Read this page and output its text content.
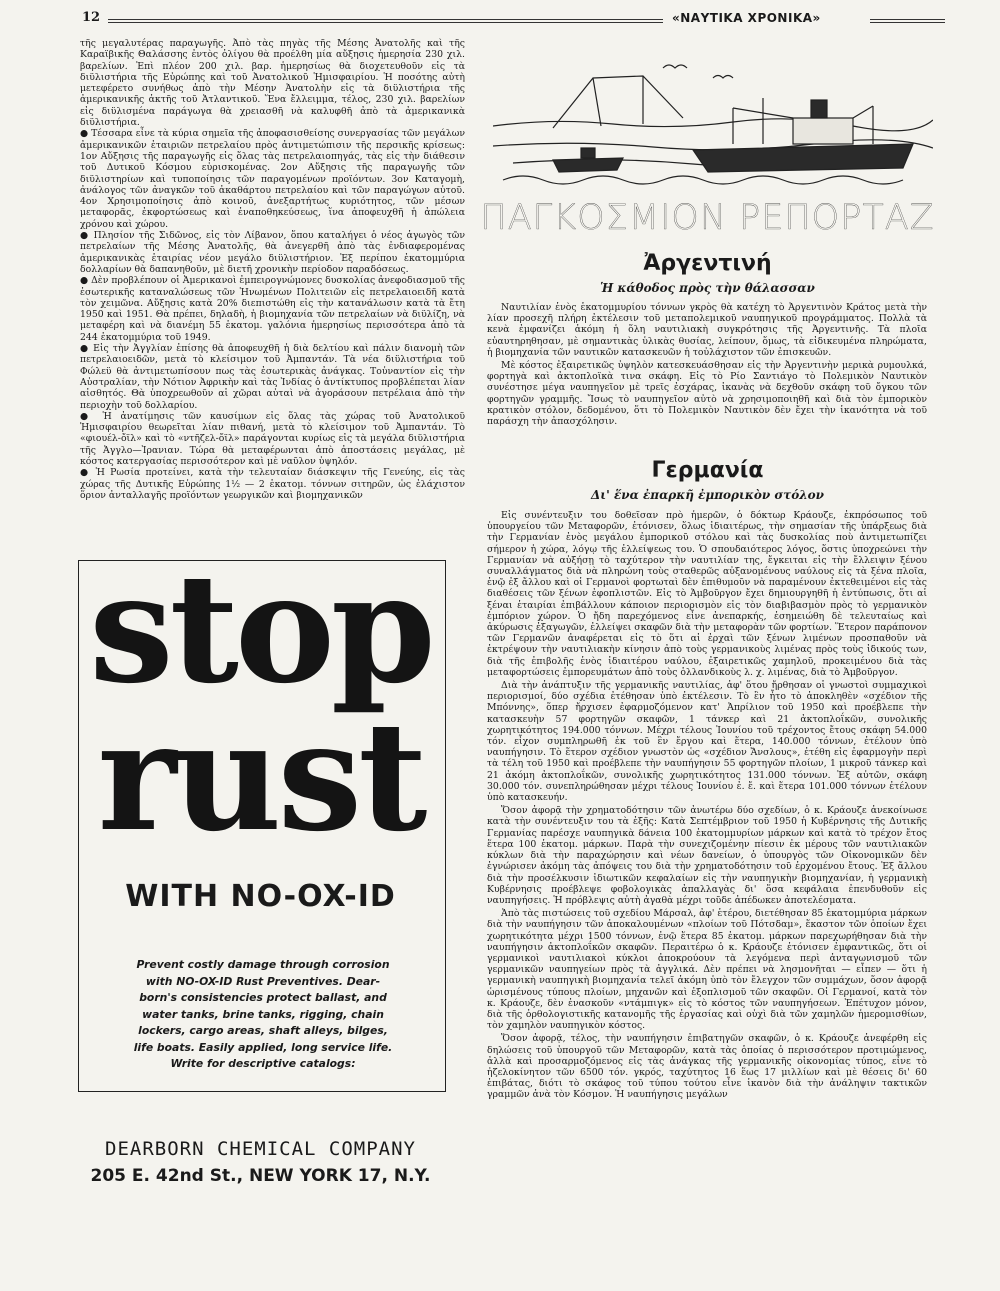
12	«ΝΑΥΤΙΚΑ ΧΡΟΝΙΚΑ»

τῆς μεγαλυτέρας παραγωγῆς. Ἀπὸ τὰς πηγὰς τῆς Μέσης Ἀνατολῆς καὶ τῆς Καραϊβικῆς Θαλάσσης ἐντὸς ὀλίγου θὰ προέλθη μία αὔξησις ἡμερησία 230 χιλ. βαρελίων. Ἐπὶ πλέον 200 χιλ. βαρ. ἡμερησίως θὰ διοχετευθοῦν εἰς τὰ διϋλιστήρια τῆς Εὐρώπης καὶ τοῦ Ἀνατολικοῦ Ἡμισφαιρίου. Ἡ ποσότης αὐτὴ μετεφέρετο συνήθως ἀπὸ τὴν Μέσην Ἀνατολὴν εἰς τὰ διϋλιστήρια τῆς ἀμερικανικῆς ἀκτῆς τοῦ Ἀτλαντικοῦ. Ἕνα ἔλλειμμα, τέλος, 230 χιλ. βαρελίων εἰς διϋλισμένα παράγωγα θὰ χρειασθῆ νὰ καλυφθῆ ἀπὸ τὰ ἀμερικανικὰ διϋλιστήρια.

● Τέσσαρα εἶνε τὰ κύρια σημεῖα τῆς ἀποφασισθείσης συνεργασίας τῶν μεγάλων ἀμερικανικῶν ἑταιριῶν πετρελαίου πρὸς ἀντιμετώπισιν τῆς περσικῆς κρίσεως: 1ον Αὔξησις τῆς παραγωγῆς εἰς ὅλας τὰς πετρελαιοπηγάς, τὰς εἰς τὴν διάθεσιν τοῦ Δυτικοῦ Κόσμου εὑρισκομένας. 2ον Αὔξησις τῆς παραγωγῆς τῶν διϋλιστηρίων καὶ τυποποίησις τῶν παραγομένων προϊόντων. 3ον Καταγομὴ, ἀνάλογος τῶν ἀναγκῶν τοῦ ἀκαθάρτου πετρελαίου καὶ τῶν παραγώγων αὐτοῦ. 4ον Χρησιμοποίησις ἀπὸ κοινοῦ, ἀνεξαρτήτως κυριότητος, τῶν μέσων μεταφορᾶς, ἐκφορτώσεως καὶ ἐναποθηκεύσεως, ἵνα ἀποφευχθῆ ἡ ἀπώλεια χρόνου καὶ χώρου.

● Πλησίον τῆς Σιδῶνος, εἰς τὸν Λίβανον, ὅπου καταλήγει ὁ νέος ἀγωγὸς τῶν πετρελαίων τῆς Μέσης Ἀνατολῆς, θὰ ἀνεγερθῆ ἀπὸ τὰς ἐνδιαφερομένας ἀμερικανικὰς ἑταιρίας νέον μεγάλο διϋλιστήριον. Ἐξ περίπου ἑκατομμύρια δολλαρίων θὰ δαπανηθοῦν, μὲ διετῆ χρονικὴν περίοδον παραδόσεως.

● Δὲν προβλέπουν οἱ Ἀμερικανοὶ ἐμπειρογνώμονες δυσκολίας ἀνεφοδιασμοῦ τῆς ἐσωτερικῆς καταναλώσεως τῶν Ἡνωμένων Πολιτειῶν εἰς πετρελαιοειδῆ κατὰ τὸν χειμῶνα. Αὔξησις κατὰ 20% διεπιστώθη εἰς τὴν κατανάλωσιν κατὰ τὰ ἔτη 1950 καὶ 1951. Θὰ πρέπει, δηλαδὴ, ἡ βιομηχανία τῶν πετρελαίων νὰ διϋλίζη, νὰ μεταφέρη καὶ νὰ διανέμη 55 ἑκατομ. γαλόνια ἡμερησίως περισσότερα ἀπὸ τὰ 244 ἑκατομμύρια τοῦ 1949.

● Εἰς τὴν Ἀγγλίαν ἐπίσης θὰ ἀποφευχθῆ ἡ διὰ δελτίου καὶ πάλιν διανομὴ τῶν πετρελαιοειδῶν, μετὰ τὸ κλείσιμον τοῦ Ἀμπαντάν. Τὰ νέα διϋλιστήρια τοῦ Φώλεϋ θὰ ἀντιμετωπίσουν πως τὰς ἐσωτερικὰς ἀνάγκας. Τοὐναντίον εἰς τὴν Αὐστραλίαν, τὴν Νότιον Ἀφρικὴν καὶ τὰς Ἰνδίας ὁ ἀντίκτυπος προβλέπεται λίαν αἰσθητός. Θὰ ὑποχρεωθοῦν αἱ χῶραι αὐταὶ νὰ ἀγοράσουν πετρέλαια ἀπὸ τὴν περιοχὴν τοῦ δολλαρίου.

● Ἡ ἀνατίμησις τῶν καυσίμων εἰς ὅλας τὰς χώρας τοῦ Ἀνατολικοῦ Ἡμισφαιρίου θεωρεῖται λίαν πιθανή, μετὰ τὸ κλείσιμον τοῦ Ἀμπαντάν. Τὸ «φιουέλ-ὄϊλ» καὶ τὸ «ντῆζελ-ὄϊλ» παράγονται κυρίως εἰς τὰ μεγάλα διϋλιστήρια τῆς Ἀγγλο—Ἰρανιαν. Τώρα θὰ μεταφέρωνται ἀπὸ ἀποστάσεις μεγάλας, μὲ κόστος κατεργασίας περισσότερον καὶ μὲ ναῦλον ὑψηλόν.

● Ἡ Ρωσία προτείνει, κατὰ τὴν τελευταίαν διάσκεψιν τῆς Γενεύης, εἰς τὰς χώρας τῆς Δυτικῆς Εὐρώπης 1½ — 2 ἑκατομ. τόννων σιτηρῶν, ὡς ἐλάχιστον ὅριον ἀνταλλαγῆς προϊόντων γεωργικῶν καὶ βιομηχανικῶν

stop
rust
WITH NO-OX-ID
Prevent costly damage through corrosion
with NO-OX-ID Rust Preventives. Dear-
born's consistencies protect ballast, and
water tanks, brine tanks, rigging, chain
lockers, cargo areas, shaft alleys, bilges,
life boats. Easily applied, long service life.
Write for descriptive catalogs:
DEARBORN CHEMICAL COMPANY
205 E. 42nd St., NEW YORK 17, N.Y.
ΠΑΓΚΟΣΜΙΟΝ ΡΕΠΟΡΤΑΖ
Ἀργεντινή
Ἡ κάθοδος πρὸς τὴν θάλασσαν

Ναυτιλίαν ἑνὸς ἑκατομμυρίου τόννων γκρὸς θὰ κατέχη τὸ Ἀργεντινὸν Κράτος μετὰ τὴν λίαν προσεχῆ πλήρη ἐκτέλεσιν τοῦ μεταπολεμικοῦ ναυπηγικοῦ προγράμματος. Πολλὰ τὰ κενὰ ἐμφανίζει ἀκόμη ἡ ὅλη ναυτιλιακὴ συγκρότησις τῆς Ἀργεντινῆς. Τὰ πλοῖα εὐαυτηρηθησαν, μὲ σημαντικὰς ὑλικὰς θυσίας, λείπουν, ὅμως, τὰ εἰδικευμένα πληρώματα, ἡ βιομηχανία τῶν ναυτικῶν κατασκευῶν ἡ τοὐλάχιστον τῶν ἐπισκευῶν.

Μὲ κόστος ἐξαιρετικῶς ὑψηλὸν κατεσκευάσθησαν εἰς τὴν Ἀργεντινὴν μερικὰ ρυμουλκά, φορτηγὰ καὶ ἀκτοπλοϊκὰ τινα σκάφη. Εἰς τὸ Ρίο Σαντιάγο τὸ Πολεμικὸν Ναυτικὸν συνέστησε μέγα ναυπηγεῖον μὲ τρεῖς ἐσχάρας, ἱκανὰς νὰ δεχθοῦν σκάφη τοῦ ὄγκου τῶν φορτηγῶν γραμμῆς. Ἴσως τὸ ναυπηγεῖον αὐτὸ νὰ χρησιμοποιηθῆ καὶ διὰ τὸν ἐμπορικὸν κρατικὸν στόλον, δεδομένου, ὅτι τὸ Πολεμικὸν Ναυτικὸν δὲν ἔχει τὴν ἱκανότητα νὰ τοῦ παράσχη τὴν ἀπασχόλησιν.

Γερμανία
Δι' ἕνα ἐπαρκῆ ἐμπορικὸν στόλον

Εἰς συνέντευξιν του δοθεῖσαν πρὸ ἡμερῶν, ὁ δόκτωρ Κράουζε, ἐκπρόσωπος τοῦ ὑπουργείου τῶν Μεταφορῶν, ἐτόνισεν, ὅλως ἰδιαιτέρως, τὴν σημασίαν τῆς ὑπάρξεως διὰ τὴν Γερμανίαν ἑνὸς μεγάλου ἐμπορικοῦ στόλου καὶ τὰς δυσκολίας ποὺ ἀντιμετωπίζει σήμερον ἡ χώρα, λόγῳ τῆς ἐλλείψεως του. Ὁ σπουδαιότερος λόγος, ὅστις ὑποχρεώνει τὴν Γερμανίαν νὰ αὐξήσῃ τὸ ταχύτερον τὴν ναυτιλίαν της, ἔγκειται εἰς τὴν ἔλλειψιν ξένου συναλλάγματος διὰ νὰ πληρώνη τοὺς σταθερῶς αὐξανομένους ναύλους εἰς τὰ ξένα πλοῖα, ἐνῷ ἐξ ἄλλου καὶ οἱ Γερμανοὶ φορτωταὶ δὲν ἐπιθυμοῦν νὰ παραμένουν ἐκτεθειμένοι εἰς τὰς διαθέσεις τῶν ξένων ἐφοπλιστῶν. Εἰς τὸ Ἀμβοῦργον ἔχει δημιουργηθῆ ἡ ἐντύπωσις, ὅτι αἱ ξέναι ἑταιρίαι ἐπιβάλλουν κάποιον περιορισμὸν εἰς τὸν διαβιβασμὸν πρὸς τὸ γερμανικὸν ἐμπόριον χώρον. Ὁ ἤδη παρεχόμενος εἶνε ἀνεπαρκής, ἐσημειώθη δὲ τελευταίως καὶ ἀκύρωσις ἐξαγωγῶν, ἐλλείψει σκαφῶν διὰ τὴν μεταφορὰν τῶν φορτίων. Ἕτερον παράπονον τῶν Γερμανῶν ἀναφέρεται εἰς τὸ ὅτι αἱ ἐρχαὶ τῶν ξένων λιμένων προσπαθοῦν νὰ ἐκτρέψουν τὴν ναυτιλιακὴν κίνησιν ἀπὸ τοὺς γερμανικοὺς λιμένας πρὸς τοὺς ἰδικούς των, διὰ τῆς ἐπιβολῆς ἑνὸς ἰδιαιτέρου ναύλου, ἐξαιρετικῶς χαμηλοῦ, προκειμένου διὰ τὰς μεταφορτώσεις ἐμπορευμάτων ἀπὸ τοὺς ὁλλανδικοὺς λ. χ. λιμένας, διὰ τὸ Ἀμβοῦργον.

Διὰ τὴν ἀνάπτυξιν τῆς γερμανικῆς ναυτιλίας, ἀφ' ὅτου ἤρθησαν οἱ γνωστοὶ συμμαχικοὶ περιορισμοί, δύο σχέδια ἐτέθησαν ὑπὸ ἐκτέλεσιν. Τὸ ἓν ἦτο τὸ ἀποκληθὲν «σχέδιον τῆς Μπόννης», ὅπερ ἤρχισεν ἐφαρμοζόμενον κατ' Ἀπρίλιον τοῦ 1950 καὶ προέβλεπε τὴν κατασκευὴν 57 φορτηγῶν σκαφῶν, 1 τάνκερ καὶ 21 ἀκτοπλοΐκῶν, συνολικῆς χωρητικότητος 194.000 τόννων. Μέχρι τέλους Ἰουνίου τοῦ τρέχοντος ἔτους σκάφη 54.000 τόν. εἶχον συμπληρωθῆ ἐκ τοῦ ἓν ἔργου καὶ ἕτερα, 140.000 τόννων, ἐτέλουν ὑπὸ ναυπήγησιν. Τὸ ἕτερον σχέδιον γνωστὸν ὡς «σχέδιον Ἄνσλους», ἐτέθη εἰς ἐφαρμογὴν περὶ τὰ τέλη τοῦ 1950 καὶ προέβλεπε τὴν ναυπήγησιν 55 φορτηγῶν πλοίων, 1 μικροῦ τάνκερ καὶ 21 ἀκόμη ἀκτοπλοΐκῶν, συνολικῆς χωρητικότητος 131.000 τόννων. Ἐξ αὐτῶν, σκάφη 30.000 τόν. συνεπληρώθησαν μέχρι τέλους Ἰουνίου ἐ. ἔ. καὶ ἕτερα 101.000 τόννων ἐτέλουν ὑπὸ κατασκευήν.

Ὅσον ἀφορᾷ τὴν χρηματοδότησιν τῶν ἀνωτέρω δύο σχεδίων, ὁ κ. Κράουζε ἀνεκοίνωσε κατὰ τὴν συνέντευξιν του τὰ ἑξῆς: Κατὰ Σεπτέμβριον τοῦ 1950 ἡ Κυβέρνησις τῆς Δυτικῆς Γερμανίας παρέσχε ναυπηγικὰ δάνεια 100 ἑκατομμυρίων μάρκων καὶ κατὰ τὸ τρέχον ἔτος ἕτερα 100 ἑκατομ. μάρκων. Παρὰ τὴν συνεχιζομένην πίεσιν ἐκ μέρους τῶν ναυτιλιακῶν κύκλων διὰ τὴν παραχώρησιν καὶ νέων δανείων, ὁ ὑπουργὸς τῶν Οἰκονομικῶν δὲν ἐγνώρισεν ἀκόμη τὰς ἀπόψεις του διὰ τὴν χρηματοδότησιν τοῦ ἐρχομένου ἔτους. Ἐξ ἄλλου διὰ τὴν προσέλκυσιν ἰδιωτικῶν κεφαλαίων εἰς τὴν ναυπηγικὴν βιομηχανίαν, ἡ γερμανικὴ Κυβέρνησις προέβλεψε φοβολογικὰς ἀπαλλαγὰς δι' ὅσα κεφάλαια ἐπενδυθοῦν εἰς ναυπηγήσεις. Ἡ πρόβλεψις αὐτὴ ἀγαθὰ μέχρι τοῦδε ἀπέδωκεν ἀποτελέσματα.

Ἀπὸ τὰς πιστώσεις τοῦ σχεδίου Μάρσαλ, ἀφ' ἑτέρου, διετέθησαν 85 ἑκατομμύρια μάρκων διὰ τὴν ναυπήγησιν τῶν ἀποκαλουμένων «πλοίων τοῦ Πότσδαμ», ἕκαστον τῶν ὁποίων ἔχει χωρητικότητα μέχρι 1500 τόννων, ἐνῷ ἕτερα 85 ἑκατομ. μάρκων παρεχωρήθησαν διὰ τὴν ναυπήγησιν ἀκτοπλοΐκῶν σκαφῶν. Περαιτέρω ὁ κ. Κράουζε ἐτόνισεν ἐμφαντικῶς, ὅτι οἱ γερμανικοὶ ναυτιλιακοὶ κύκλοι ἀποκρούουν τὰ λεγόμενα περὶ ἀνταγωνισμοῦ τῶν γερμανικῶν ναυπηγείων πρὸς τὰ ἀγγλικά. Δὲν πρέπει νὰ λησμονῆται — εἶπεν — ὅτι ἡ γερμανικὴ ναυπηγικὴ βιομηχανία τελεῖ ἀκόμη ὑπὸ τὸν ἔλεγχον τῶν συμμάχων, ὅσον ἀφορᾷ ὡρισμένους τύπους πλοίων, μηχανῶν καὶ ἐξοπλισμοῦ τῶν σκαφῶν. Οἱ Γερμανοί, κατὰ τὸν κ. Κράουζε, δὲν ἐνασκοῦν «ντάμπιγκ» εἰς τὸ κόστος τῶν ναυπηγήσεων. Ἐπέτυχον μόνον, διὰ τῆς ὀρθολογιστικῆς κατανομῆς τῆς ἐργασίας καὶ οὐχὶ διὰ τῶν χαμηλῶν ἡμερομισθίων, τὸν χαμηλὸν ναυπηγικὸν κόστος.

Ὅσον ἀφορᾷ, τέλος, τὴν ναυπήγησιν ἐπιβατηγῶν σκαφῶν, ὁ κ. Κράουζε ἀνεφέρθη εἰς δηλώσεις τοῦ ὑπουργοῦ τῶν Μεταφορῶν, κατὰ τὰς ὁποίας ὁ περισσότερον προτιμώμενος, ἀλλὰ καὶ προσαρμοζόμενος εἰς τὰς ἀνάγκας τῆς γερμανικῆς οἰκονομίας τύπος, εἶνε τὸ ἠζελοκίνητον τῶν 6500 τόν. γκρός, ταχύτητος 16 ἕως 17 μιλλίων καὶ μὲ θέσεις δι' 60 ἐπιβάτας, διότι τὸ σκάφος τοῦ τύπου τούτου εἶνε ἱκανὸν διὰ τὴν ἀνάληψιν τακτικῶν γραμμῶν ἀνὰ τὸν Κόσμον. Ἡ ναυπήγησις μεγάλων
